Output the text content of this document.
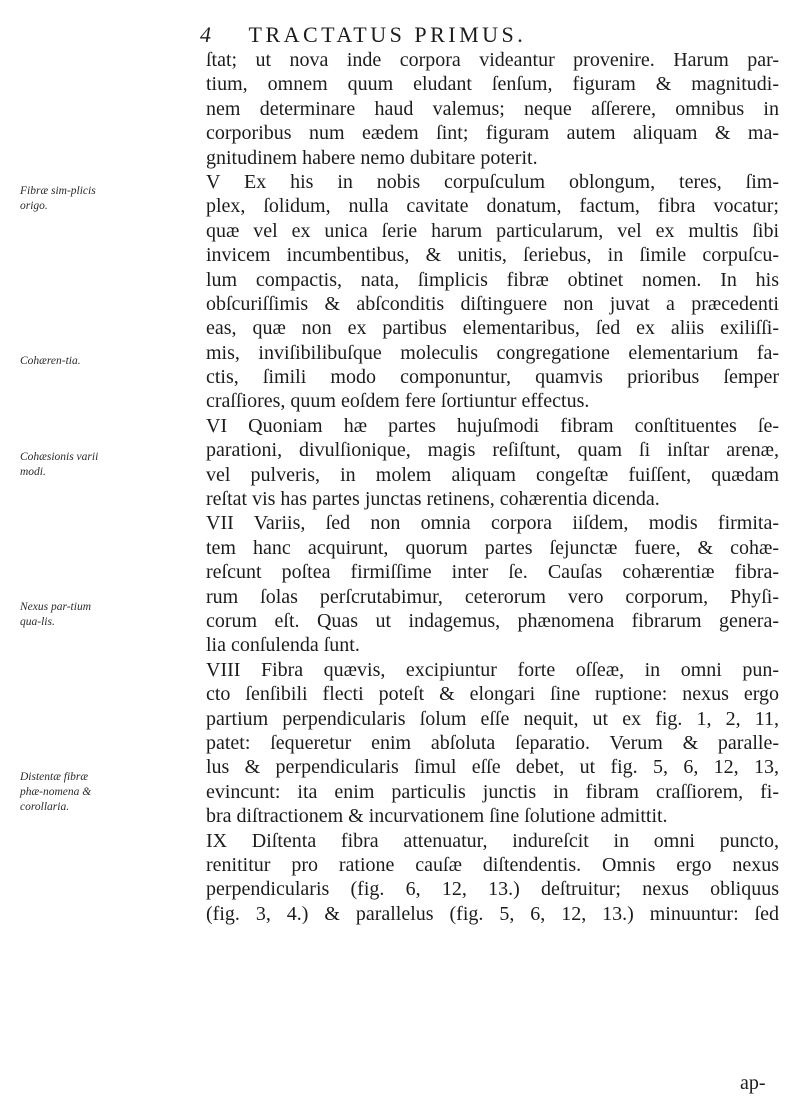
4 TRACTATUS PRIMUS.
Fibræ sim-plicis origo.
Cohæren-tia.
Cohæsionis varii modi.
Nexus par-tium qua-lis.
Distentæ fibræ phæ-nomena & corollaria.
ſtat; ut nova inde corpora videantur provenire. Harum par-
tium, omnem quum eludant ſenſum, figuram & magnitudi-
nem determinare haud valemus; neque aſſerere, omnibus in
corporibus num eædem ſint; figuram autem aliquam & ma-
gnitudinem habere nemo dubitare poterit.
V Ex his in nobis corpuſculum oblongum, teres, ſim-
plex, ſolidum, nulla cavitate donatum, factum, fibra vocatur;
quæ vel ex unica ſerie harum particularum, vel ex multis ſibi
invicem incumbentibus, & unitis, ſeriebus, in ſimile corpuſcu-
lum compactis, nata, ſimplicis fibræ obtinet nomen. In his
obſcuriſſimis & abſconditis diſtinguere non juvat a præcedenti
eas, quæ non ex partibus elementaribus, ſed ex aliis exiliſſi-
mis, inviſibilibuſque moleculis congregatione elementarium fa-
ctis, ſimili modo componuntur, quamvis prioribus ſemper
craſſiores, quum eoſdem fere ſortiuntur effectus.
VI Quoniam hæ partes hujuſmodi fibram conſtituentes ſe-
parationi, divulſionique, magis reſiſtunt, quam ſi inſtar arenæ,
vel pulveris, in molem aliquam congeſtæ fuiſſent, quædam
reſtat vis has partes junctas retinens, cohærentia dicenda.
VII Variis, ſed non omnia corpora iiſdem, modis firmita-
tem hanc acquirunt, quorum partes ſejunctæ fuere, & cohæ-
reſcunt poſtea firmiſſime inter ſe. Cauſas cohærentiæ fibra-
rum ſolas perſcrutabimur, ceterorum vero corporum, Phyſi-
corum eſt. Quas ut indagemus, phænomena fibrarum genera-
lia conſulenda ſunt.
VIII Fibra quævis, excipiuntur forte oſſeæ, in omni pun-
cto ſenſibili flecti poteſt & elongari ſine ruptione: nexus ergo
partium perpendicularis ſolum eſſe nequit, ut ex fig. 1, 2, 11,
patet: ſequeretur enim abſoluta ſeparatio. Verum & paralle-
lus & perpendicularis ſimul eſſe debet, ut fig. 5, 6, 12, 13,
evincunt: ita enim particulis junctis in fibram craſſiorem, fi-
bra diſtractionem & incurvationem ſine ſolutione admittit.
IX Diſtenta fibra attenuatur, indureſcit in omni puncto,
renititur pro ratione cauſæ diſtendentis. Omnis ergo nexus
perpendicularis (fig. 6, 12, 13.) deſtruitur; nexus obliquus
(fig. 3, 4.) & parallelus (fig. 5, 6, 12, 13.) minuuntur: ſed
ap-
